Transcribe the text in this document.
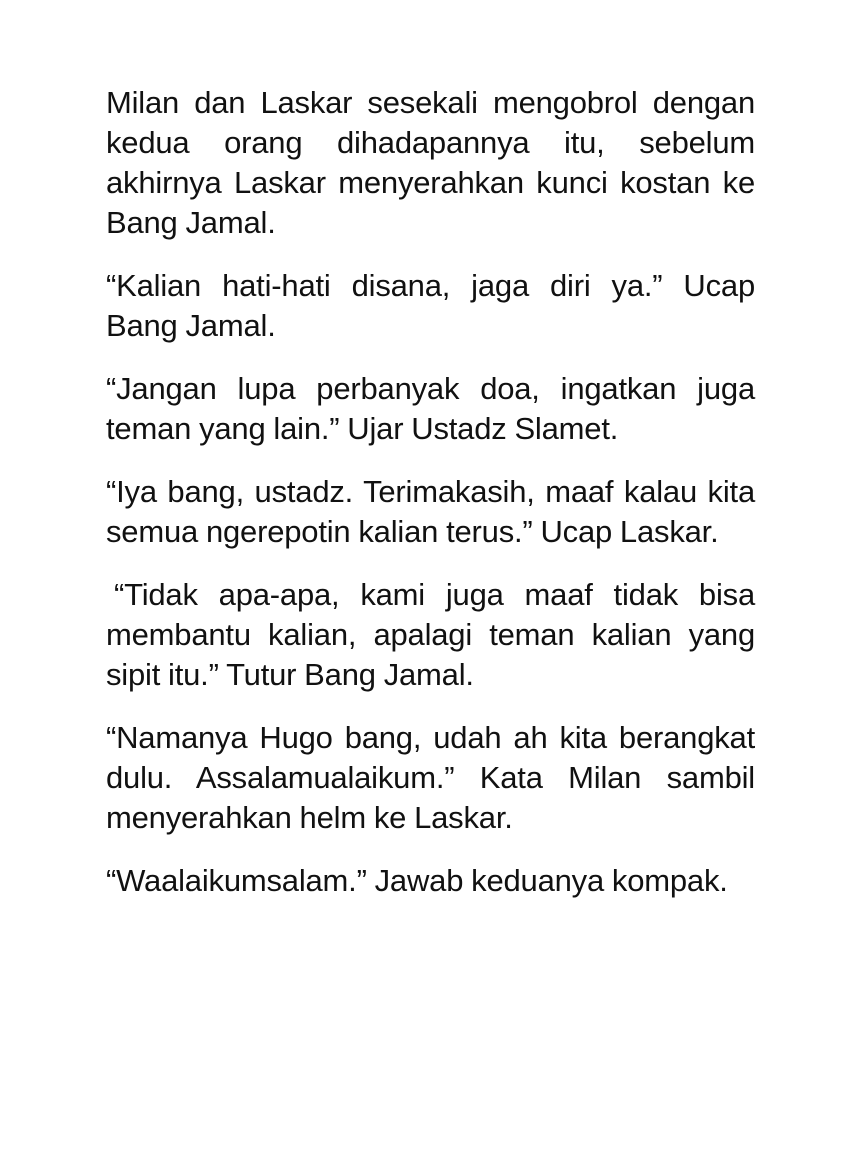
Milan dan Laskar sesekali mengobrol dengan kedua orang dihadapannya itu, sebelum akhirnya Laskar menyerahkan kunci kostan ke Bang Jamal.

“Kalian hati-hati disana, jaga diri ya.” Ucap Bang Jamal.

“Jangan lupa perbanyak doa, ingatkan juga teman yang lain.” Ujar Ustadz Slamet.

“Iya bang, ustadz. Terimakasih, maaf kalau kita semua ngerepotin kalian terus.” Ucap Laskar.

“Tidak apa-apa, kami juga maaf tidak bisa membantu kalian, apalagi teman kalian yang sipit itu.” Tutur Bang Jamal.

“Namanya Hugo bang, udah ah kita berangkat dulu. Assalamualaikum.” Kata Milan sambil menyerahkan helm ke Laskar.

“Waalaikumsalam.” Jawab keduanya kompak.
